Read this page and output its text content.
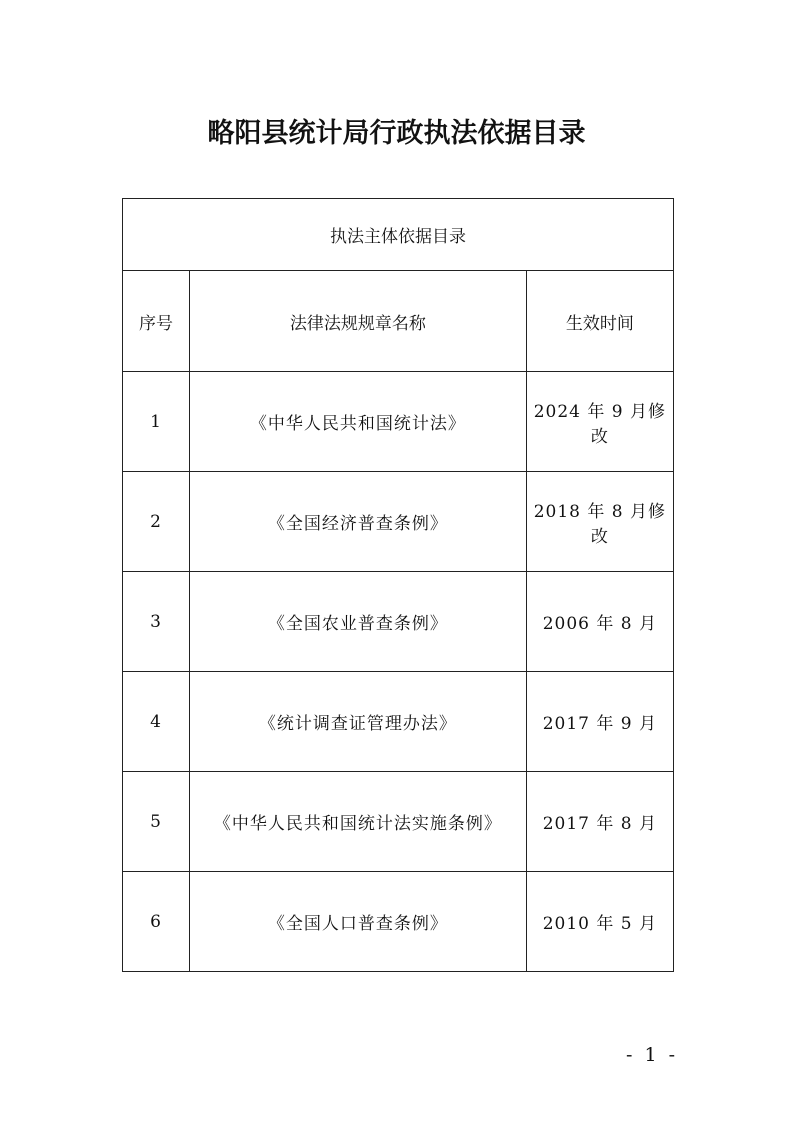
略阳县统计局行政执法依据目录
执法主体依据目录		
序号	法律法规规章名称	生效时间
1	《中华人民共和国统计法》	2024 年 9 月修改
2	《全国经济普查条例》	2018 年 8 月修改
3	《全国农业普查条例》	2006 年 8 月
4	《统计调查证管理办法》	2017 年 9 月
5	《中华人民共和国统计法实施条例》	2017 年 8 月
6	《全国人口普查条例》	2010 年 5 月
- 1 -
